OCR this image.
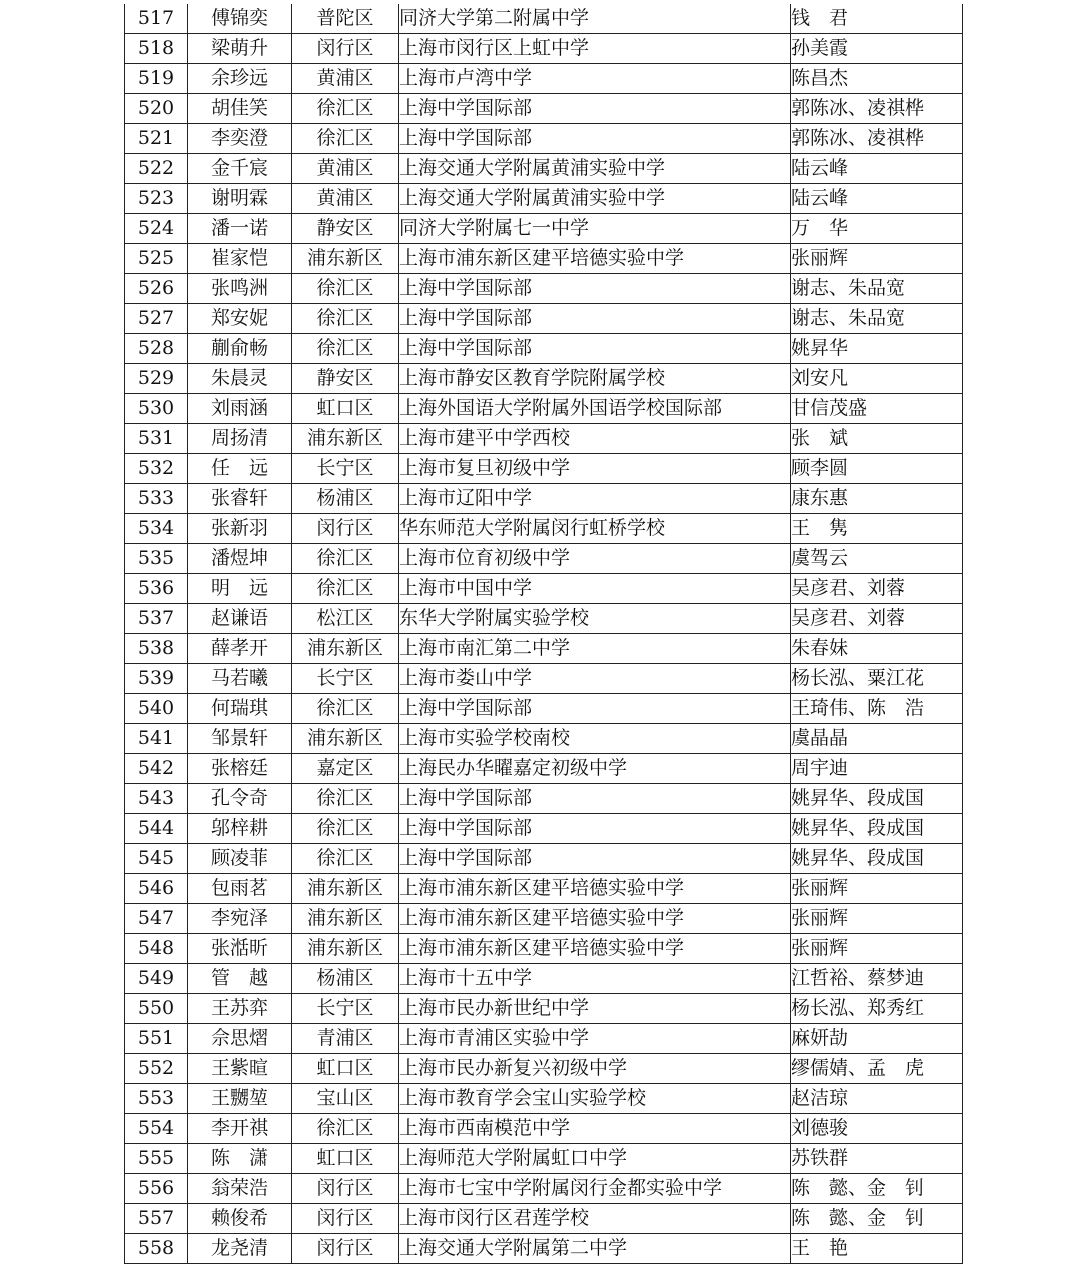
517	傅锦奕	普陀区	同济大学第二附属中学	钱　君
518	梁萌升	闵行区	上海市闵行区上虹中学	孙美霞
519	余珍远	黄浦区	上海市卢湾中学	陈昌杰
520	胡佳笑	徐汇区	上海中学国际部	郭陈冰、凌祺桦
521	李奕澄	徐汇区	上海中学国际部	郭陈冰、凌祺桦
522	金千宸	黄浦区	上海交通大学附属黄浦实验中学	陆云峰
523	谢明霖	黄浦区	上海交通大学附属黄浦实验中学	陆云峰
524	潘一诺	静安区	同济大学附属七一中学	万　华
525	崔家恺	浦东新区	上海市浦东新区建平培德实验中学	张丽辉
526	张鸣洲	徐汇区	上海中学国际部	谢志、朱品宽
527	郑安妮	徐汇区	上海中学国际部	谢志、朱品宽
528	蒯俞畅	徐汇区	上海中学国际部	姚昇华
529	朱晨灵	静安区	上海市静安区教育学院附属学校	刘安凡
530	刘雨涵	虹口区	上海外国语大学附属外国语学校国际部	甘信茂盛
531	周扬清	浦东新区	上海市建平中学西校	张　斌
532	任　远	长宁区	上海市复旦初级中学	顾李圆
533	张睿轩	杨浦区	上海市辽阳中学	康东惠
534	张新羽	闵行区	华东师范大学附属闵行虹桥学校	王　隽
535	潘煜坤	徐汇区	上海市位育初级中学	虞驾云
536	明　远	徐汇区	上海市中国中学	吴彦君、刘蓉
537	赵谦语	松江区	东华大学附属实验学校	吴彦君、刘蓉
538	薛孝开	浦东新区	上海市南汇第二中学	朱春妹
539	马若曦	长宁区	上海市娄山中学	杨长泓、粟江花
540	何瑞琪	徐汇区	上海中学国际部	王琦伟、陈　浩
541	邹景轩	浦东新区	上海市实验学校南校	虞晶晶
542	张榕廷	嘉定区	上海民办华曜嘉定初级中学	周宇迪
543	孔令奇	徐汇区	上海中学国际部	姚昇华、段成国
544	邬梓耕	徐汇区	上海中学国际部	姚昇华、段成国
545	顾凌菲	徐汇区	上海中学国际部	姚昇华、段成国
546	包雨茗	浦东新区	上海市浦东新区建平培德实验中学	张丽辉
547	李宛泽	浦东新区	上海市浦东新区建平培德实验中学	张丽辉
548	张湉昕	浦东新区	上海市浦东新区建平培德实验中学	张丽辉
549	管　越	杨浦区	上海市十五中学	江哲裕、蔡梦迪
550	王苏弈	长宁区	上海市民办新世纪中学	杨长泓、郑秀红
551	佘思熠	青浦区	上海市青浦区实验中学	麻妍劼
552	王紫暄	虹口区	上海市民办新复兴初级中学	缪儒婧、孟　虎
553	王嬲堃	宝山区	上海市教育学会宝山实验学校	赵洁琼
554	李开祺	徐汇区	上海市西南模范中学	刘德骏
555	陈　潇	虹口区	上海师范大学附属虹口中学	苏铁群
556	翁荣浩	闵行区	上海市七宝中学附属闵行金都实验中学	陈　懿、金　钊
557	赖俊希	闵行区	上海市闵行区君莲学校	陈　懿、金　钊
558	龙尧清	闵行区	上海交通大学附属第二中学	王　艳
